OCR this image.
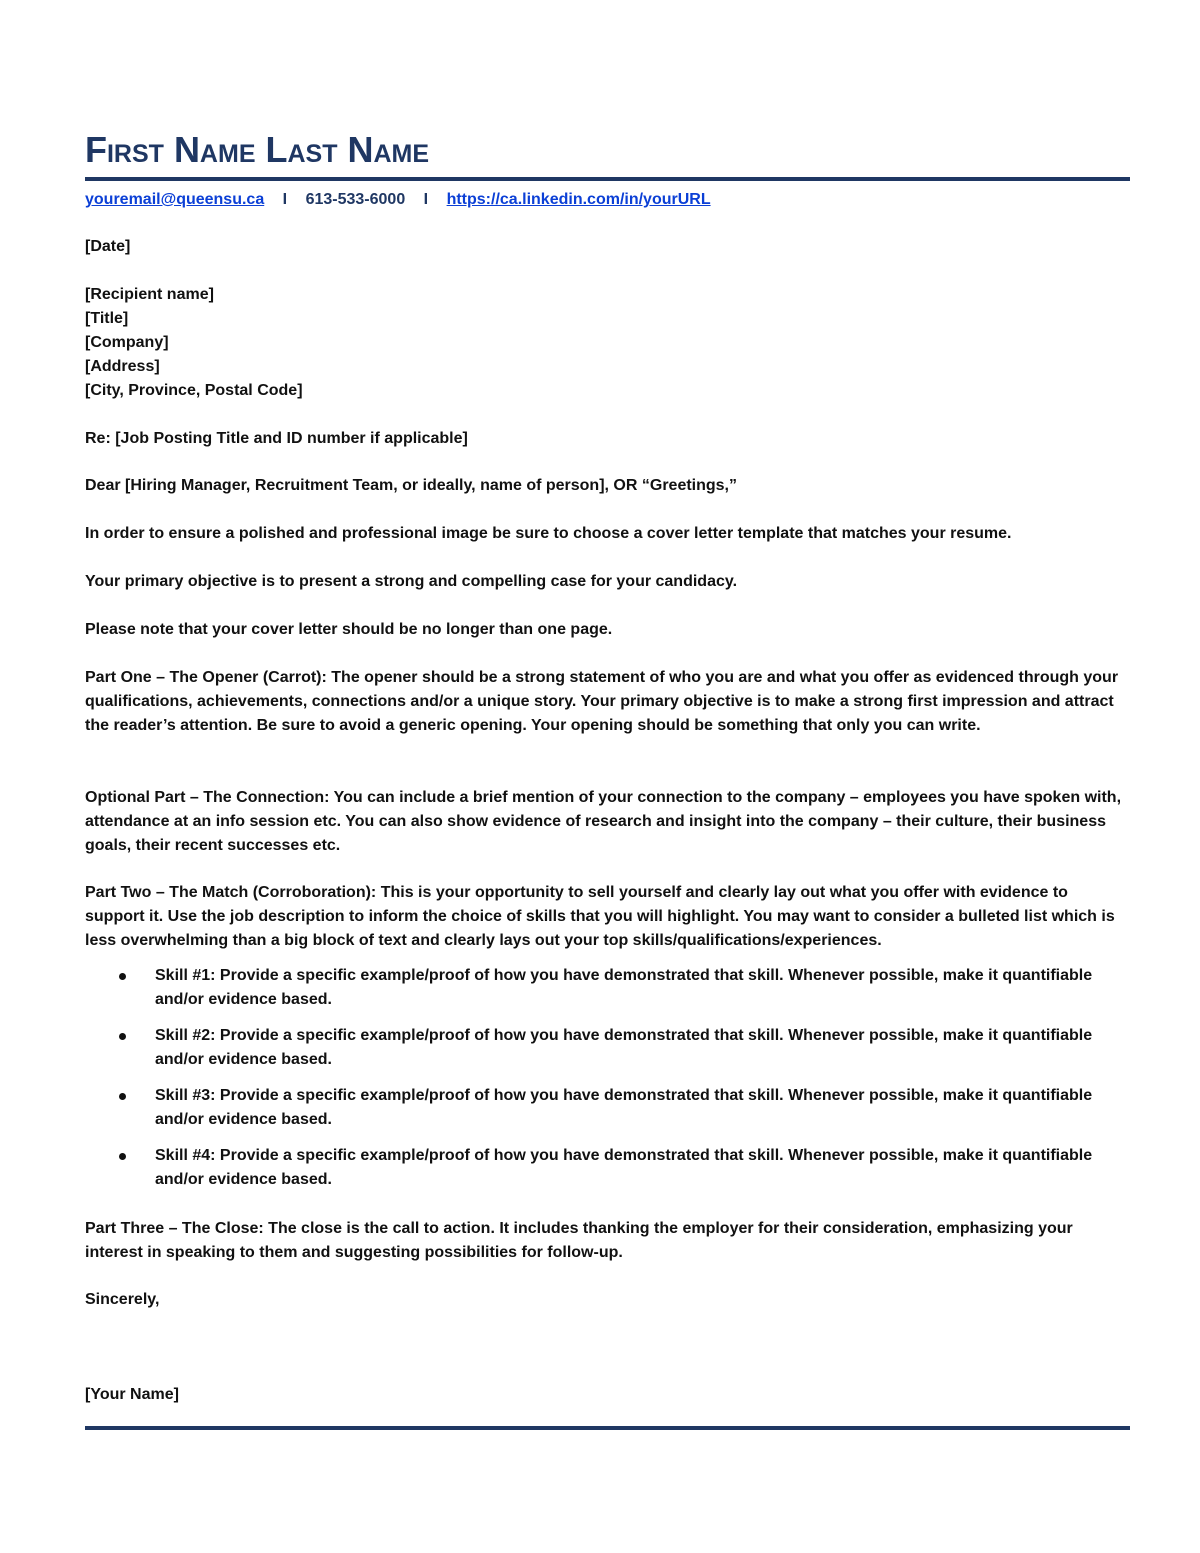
First Name Last Name
youremail@queensu.ca I 613-533-6000 I https://ca.linkedin.com/in/yourURL
[Date]
[Recipient name]
[Title]
[Company]
[Address]
[City, Province, Postal Code]
Re: [Job Posting Title and ID number if applicable]
Dear [Hiring Manager, Recruitment Team, or ideally, name of person], OR “Greetings,”

In order to ensure a polished and professional image be sure to choose a cover letter template that matches your resume.

Your primary objective is to present a strong and compelling case for your candidacy.

Please note that your cover letter should be no longer than one page.

Part One – The Opener (Carrot): The opener should be a strong statement of who you are and what you offer as evidenced through your qualifications, achievements, connections and/or a unique story. Your primary objective is to make a strong first impression and attract the reader’s attention. Be sure to avoid a generic opening. Your opening should be something that only you can write.

Optional Part – The Connection: You can include a brief mention of your connection to the company – employees you have spoken with, attendance at an info session etc. You can also show evidence of research and insight into the company – their culture, their business goals, their recent successes etc.

Part Two – The Match (Corroboration): This is your opportunity to sell yourself and clearly lay out what you offer with evidence to support it. Use the job description to inform the choice of skills that you will highlight. You may want to consider a bulleted list which is less overwhelming than a big block of text and clearly lays out your top skills/qualifications/experiences.

Skill #1: Provide a specific example/proof of how you have demonstrated that skill. Whenever possible, make it quantifiable and/or evidence based.
Skill #2: Provide a specific example/proof of how you have demonstrated that skill. Whenever possible, make it quantifiable and/or evidence based.
Skill #3: Provide a specific example/proof of how you have demonstrated that skill. Whenever possible, make it quantifiable and/or evidence based.
Skill #4: Provide a specific example/proof of how you have demonstrated that skill. Whenever possible, make it quantifiable and/or evidence based.

Part Three – The Close: The close is the call to action. It includes thanking the employer for their consideration, emphasizing your interest in speaking to them and suggesting possibilities for follow-up.

Sincerely,
[Your Name]
